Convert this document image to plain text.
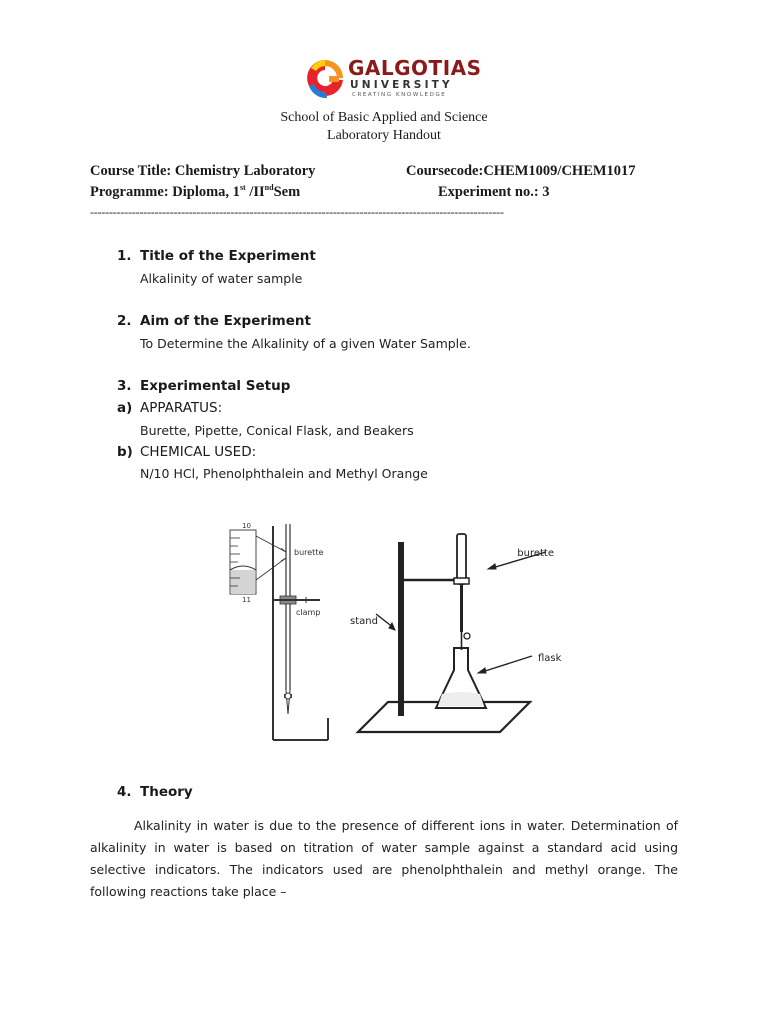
GALGOTIAS
UNIVERSITY
CREATING KNOWLEDGE
School of Basic Applied and Science
Laboratory Handout
Course Title: Chemistry Laboratory	Coursecode:CHEM1009/CHEM1017
Programme: Diploma, 1st /IIndSem	Experiment no.: 3
-------------------------------------------------------------------------------------------------------------
1. Title of the Experiment
Alkalinity of water sample
2. Aim of the Experiment
To Determine the Alkalinity of a given Water Sample.
3. Experimental Setup
a) APPARATUS:
Burette, Pipette, Conical Flask, and Beakers
b) CHEMICAL USED:
N/10 HCl, Phenolphthalein and Methyl Orange
10
11
burette
clamp
stand
burette
flask
4. Theory
Alkalinity in water is due to the presence of different ions in water. Determination of alkalinity in water is based on titration of water sample against a standard acid using selective indicators. The indicators used are phenolphthalein and methyl orange. The following reactions take place –
